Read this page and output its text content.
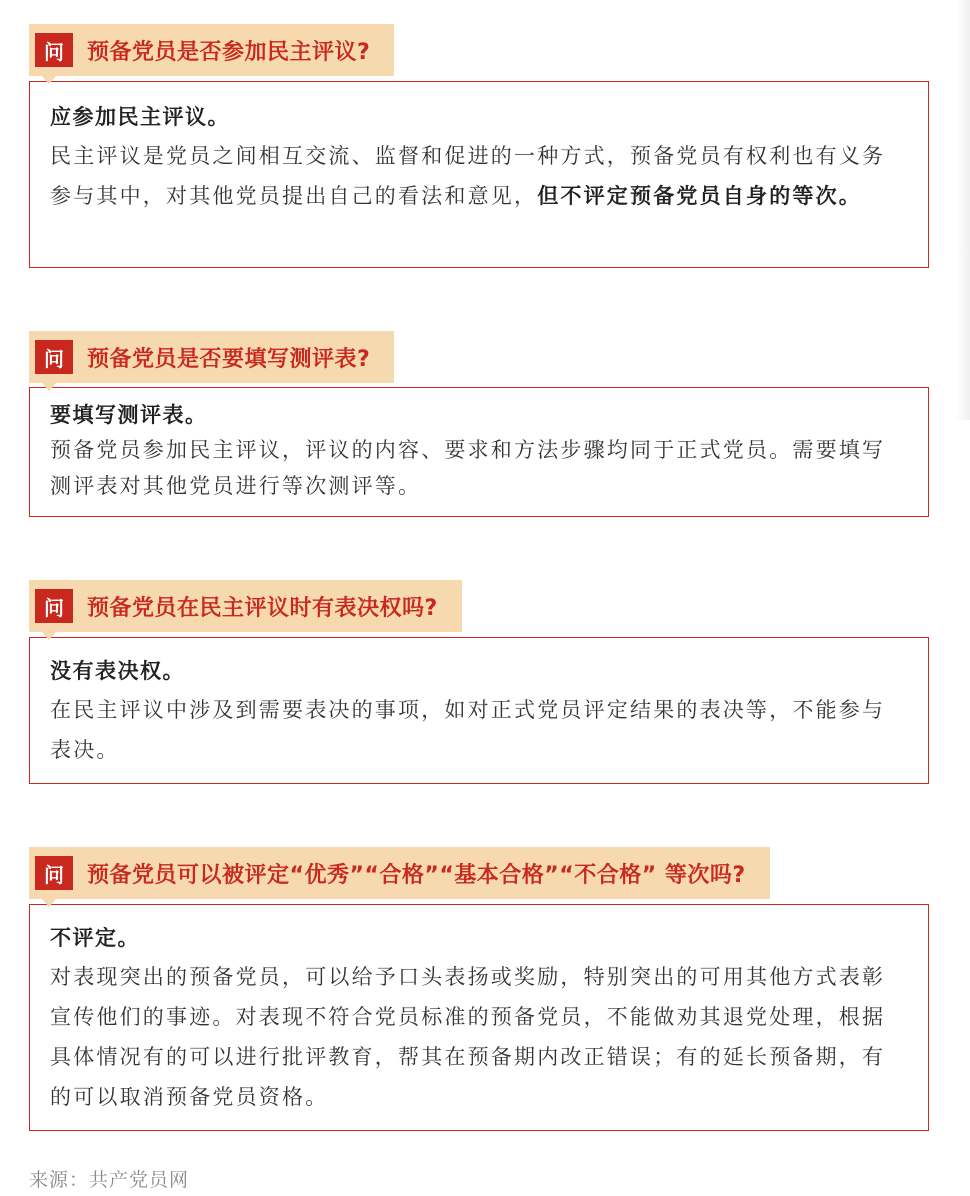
问	预备党员是否参加民主评议?
应参加民主评议。
民主评议是党员之间相互交流、监督和促进的一种方式，预备党员有权利也有义务参与其中，对其他党员提出自己的看法和意见，但不评定预备党员自身的等次。
问	预备党员是否要填写测评表?
要填写测评表。
预备党员参加民主评议，评议的内容、要求和方法步骤均同于正式党员。需要填写测评表对其他党员进行等次测评等。
问	预备党员在民主评议时有表决权吗?
没有表决权。
在民主评议中涉及到需要表决的事项，如对正式党员评定结果的表决等，不能参与表决。
问	预备党员可以被评定“优秀”“合格”“基本合格”“不合格” 等次吗?
不评定。
对表现突出的预备党员，可以给予口头表扬或奖励，特别突出的可用其他方式表彰宣传他们的事迹。对表现不符合党员标准的预备党员，不能做劝其退党处理，根据具体情况有的可以进行批评教育，帮其在预备期内改正错误；有的延长预备期，有的可以取消预备党员资格。
来源：共产党员网
